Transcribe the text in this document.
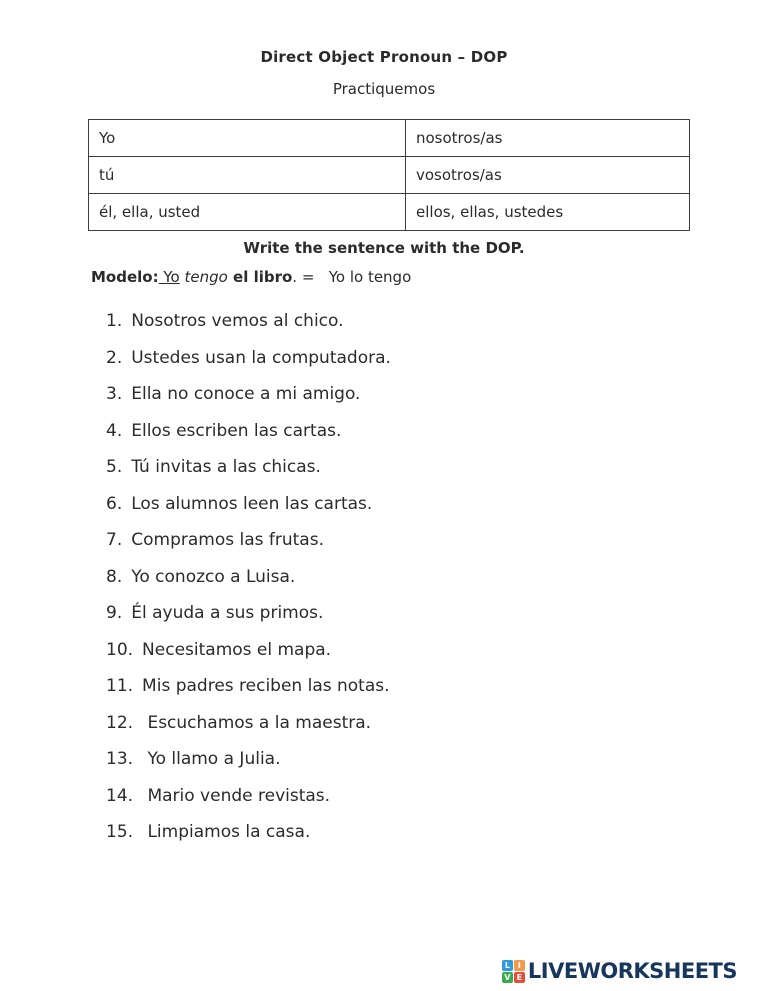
Direct Object Pronoun – DOP
Practiquemos
Yo	nosotros/as
tú	vosotros/as
él, ella, usted	ellos, ellas, ustedes
Write the sentence with the DOP.
Modelo: Yo tengo el libro. =   Yo lo tengo
1. Nosotros vemos al chico.
2. Ustedes usan la computadora.
3. Ella no conoce a mi amigo.
4. Ellos escriben las cartas.
5. Tú invitas a las chicas.
6. Los alumnos leen las cartas.
7. Compramos las frutas.
8. Yo conozco a Luisa.
9. Él ayuda a sus primos.
10. Necesitamos el mapa.
11. Mis padres reciben las notas.
12. Escuchamos a la maestra.
13. Yo llamo a Julia.
14. Mario vende revistas.
15. Limpiamos la casa.
L I
V E LIVEWORKSHEETS
